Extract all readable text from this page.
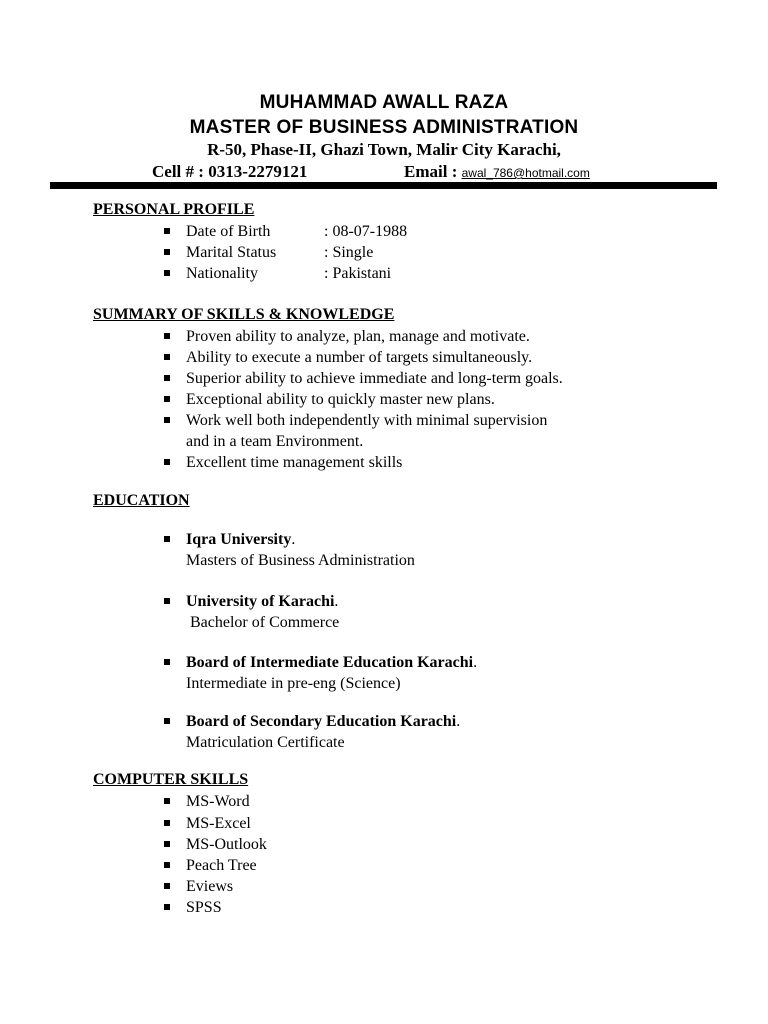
MUHAMMAD AWALL RAZA
MASTER OF BUSINESS ADMINISTRATION
R-50, Phase-II, Ghazi Town, Malir City Karachi,
Cell # : 0313-2279121	Email : awal_786@hotmail.com
PERSONAL PROFILE
Date of Birth	: 08-07-1988
Marital Status	: Single
Nationality	: Pakistani
SUMMARY OF SKILLS & KNOWLEDGE
Proven ability to analyze, plan, manage and motivate.
Ability to execute a number of targets simultaneously.
Superior ability to achieve immediate and long-term goals.
Exceptional ability to quickly master new plans.
Work well both independently with minimal supervision
and in a team Environment.
Excellent time management skills
EDUCATION
Iqra University.
Masters of Business Administration
University of Karachi.
Bachelor of Commerce
Board of Intermediate Education Karachi.
Intermediate in pre-eng (Science)
Board of Secondary Education Karachi.
Matriculation Certificate
COMPUTER SKILLS
MS-Word
MS-Excel
MS-Outlook
Peach Tree
Eviews
SPSS
